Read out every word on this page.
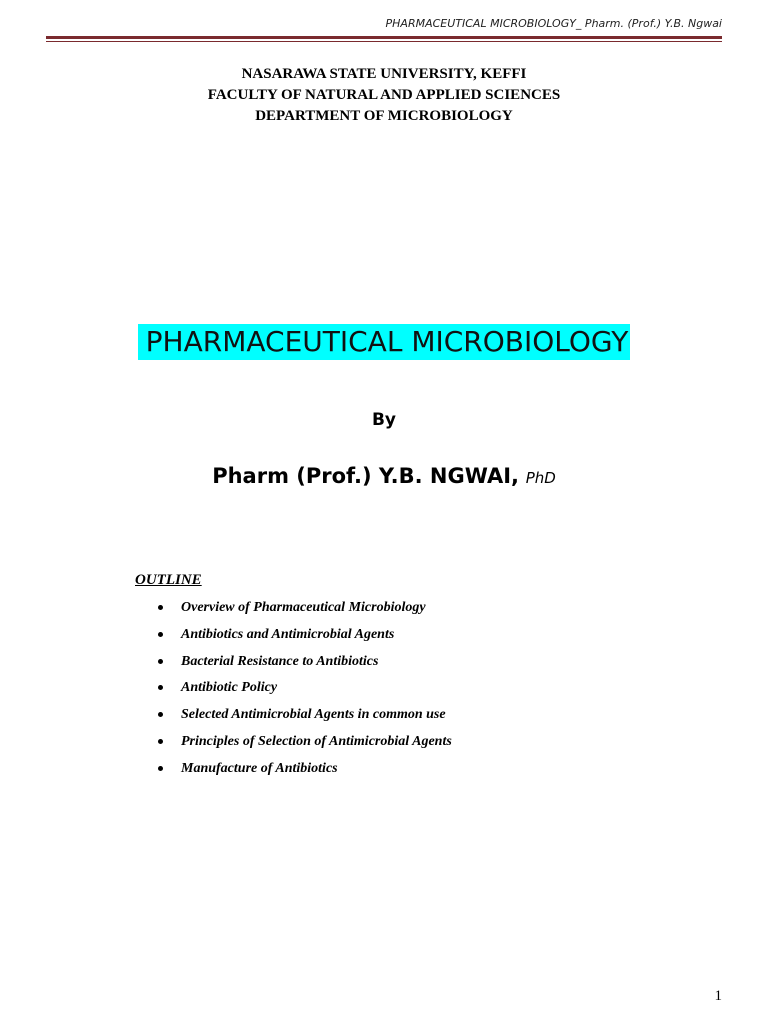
PHARMACEUTICAL MICROBIOLOGY_ Pharm. (Prof.) Y.B. Ngwai
NASARAWA STATE UNIVERSITY, KEFFI
FACULTY OF NATURAL AND APPLIED SCIENCES
DEPARTMENT OF MICROBIOLOGY
PHARMACEUTICAL MICROBIOLOGY
By
Pharm (Prof.) Y.B. NGWAI, PhD
OUTLINE
Overview of Pharmaceutical Microbiology
Antibiotics and Antimicrobial Agents
Bacterial Resistance to Antibiotics
Antibiotic Policy
Selected Antimicrobial Agents in common use
Principles of Selection of Antimicrobial Agents
Manufacture of Antibiotics
1
